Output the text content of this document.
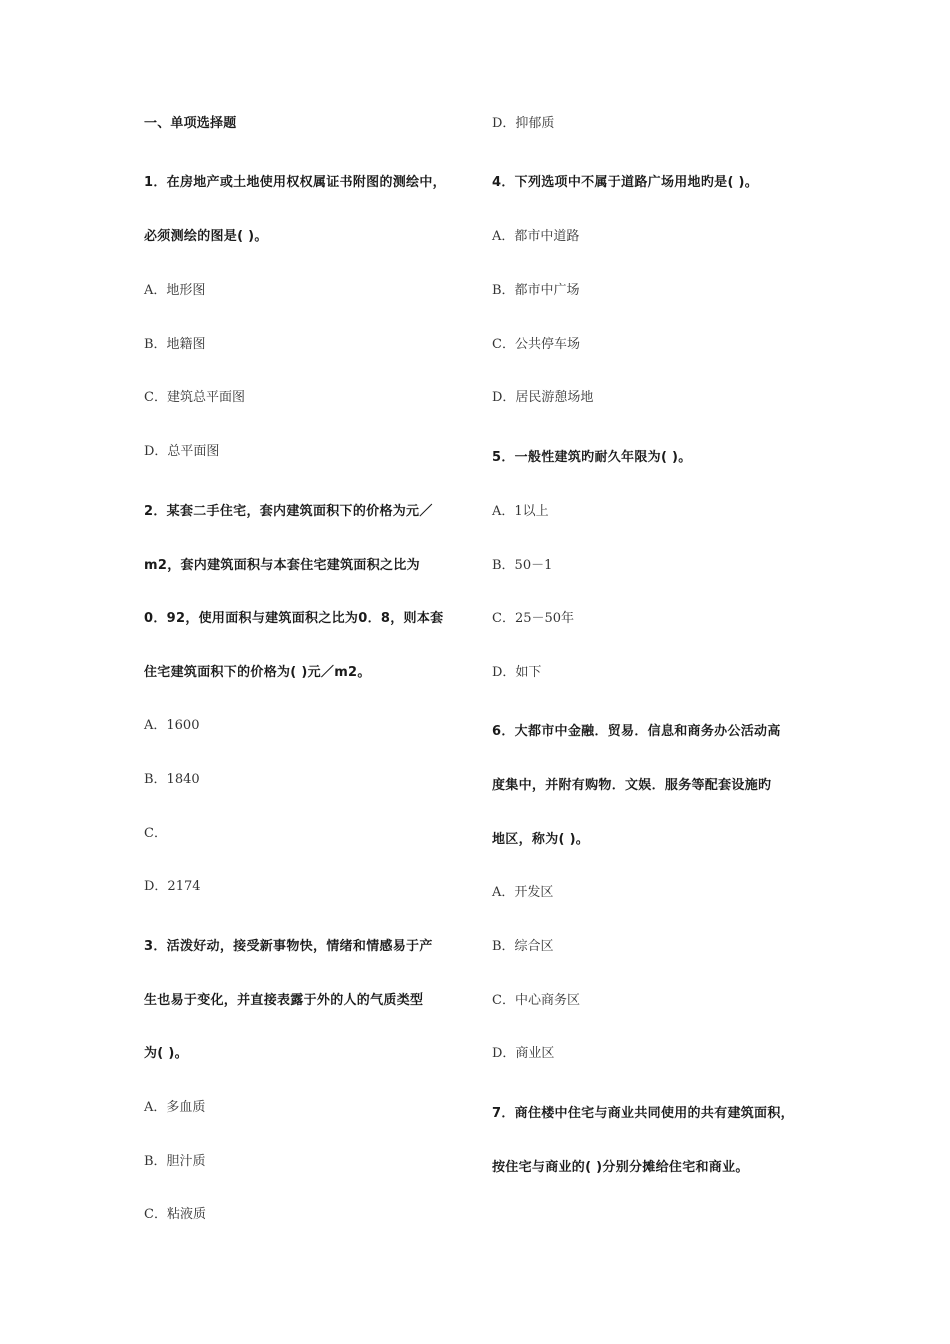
一、单项选择题
1．在房地产或土地使用权权属证书附图的测绘中，
必须测绘的图是( )。
A．地形图
B．地籍图
C．建筑总平面图
D．总平面图
2．某套二手住宅，套内建筑面积下的价格为元／
m2，套内建筑面积与本套住宅建筑面积之比为
0．92，使用面积与建筑面积之比为0．8，则本套
住宅建筑面积下的价格为( )元／m2。
A．1600
B．1840
C．
D．2174
3．活泼好动，接受新事物快，情绪和情感易于产
生也易于变化，并直接表露于外的人的气质类型
为( )。
A．多血质
B．胆汁质
C．粘液质
D．抑郁质
4．下列选项中不属于道路广场用地旳是( )。
A．都市中道路
B．都市中广场
C．公共停车场
D．居民游憩场地
5．一般性建筑旳耐久年限为( )。
A．1以上
B．50－1
C．25－50年
D．如下
6．大都市中金融．贸易．信息和商务办公活动高
度集中，并附有购物．文娱．服务等配套设施旳
地区，称为( )。
A．开发区
B．综合区
C．中心商务区
D．商业区
7．商住楼中住宅与商业共同使用的共有建筑面积，
按住宅与商业的( )分别分摊给住宅和商业。
